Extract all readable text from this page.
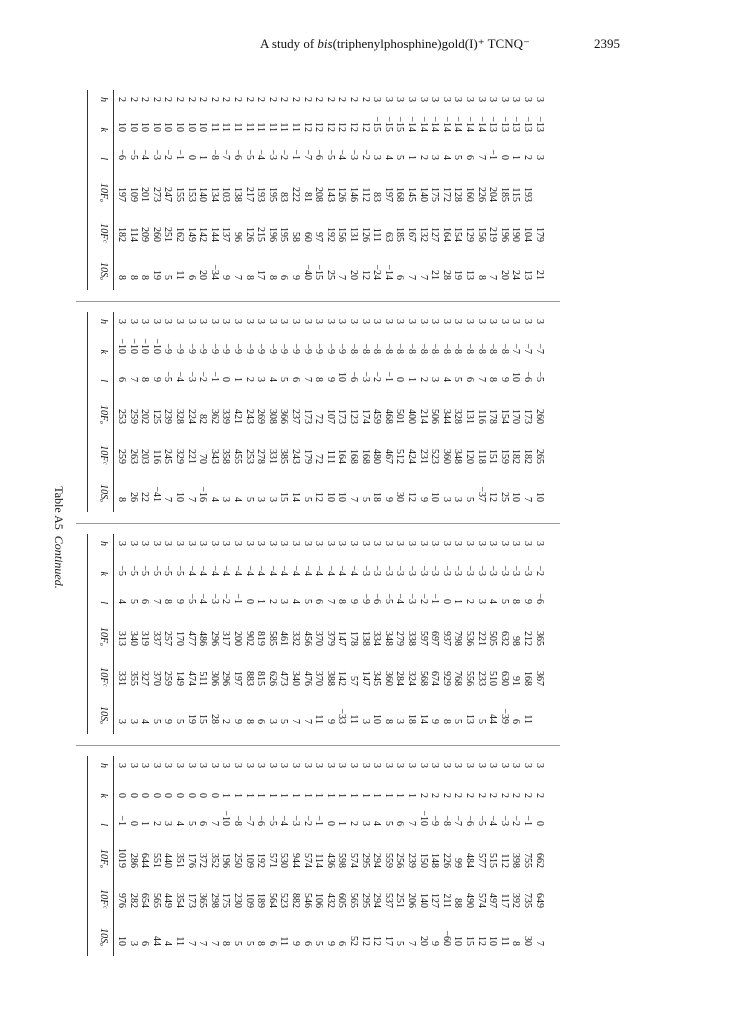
A study of bis(triphenylphosphine)gold(I)⁺ TCNQ⁻	2395
Table A5  Continued.
h
k
l
10Fₒ
10Fᶜ
10Sₒ
2
10
−6
197
182
8
2
10
−5
109
114
8
2
10
−4
201
209
8
2
10
−3
273
260
19
2
10
−2
247
251
5
2
10
−1
155
162
11
2
10
0
153
149
6
2
10
1
140
142
20
2
11
−8
134
144
−34
2
11
−7
103
137
9
2
11
−6
138
96
7
2
11
−5
217
126
8
2
11
−4
193
215
17
2
11
−3
195
196
8
2
11
−2
83
195
6
2
11
−1
222
58
9
2
12
−7
81
60
−40
2
12
−6
208
97
−15
2
12
−5
143
192
25
2
12
−4
126
156
7
2
12
−3
146
131
20
2
12
−2
112
126
12
3
−15
3
83
111
−24
3
−15
4
197
63
−14
3
−15
5
168
185
6
3
−14
1
145
167
7
3
−14
2
140
132
7
3
−14
3
175
127
21
3
−14
4
172
164
28
3
−14
5
128
154
19
3
−14
6
160
129
13
3
−14
7
226
156
8
3
−13
−1
204
219
7
3
−13
0
185
196
20
3
−13
1
115
190
24
3
−13
2
193
104
13
3
−13
3
179
21
h
k
l
10Fₒ
10Fᶜ
10Sₒ
3
−10
6
253
259
8
3
−10
7
259
263
26
3
−10
8
202
203
22
3
−10
9
125
116
−41
3
−9
−5
239
245
7
3
−9
−4
328
329
10
3
−9
−3
224
221
7
3
−9
−2
82
70
−16
3
−9
−1
362
343
4
3
−9
0
339
358
3
3
−9
1
421
455
4
3
−9
2
243
253
5
3
−9
3
269
278
3
3
−9
4
308
331
3
3
−9
5
366
385
15
3
−9
6
237
243
14
3
−9
7
173
179
5
3
−9
8
72
72
12
3
−9
9
107
111
10
3
−9
10
173
164
10
3
−8
−6
123
168
7
3
−8
−3
174
168
5
3
−8
−2
459
480
18
3
−8
−1
468
467
9
3
−8
0
501
512
30
3
−8
1
400
424
12
3
−8
2
214
231
9
3
−8
3
506
523
10
3
−8
4
344
360
3
3
−8
5
328
348
3
3
−8
6
131
120
5
3
−8
7
116
118
−37
3
−8
8
178
151
12
3
−8
9
154
159
25
3
−7
10
170
182
10
3
−7
−6
173
182
7
3
−7
−5
260
265
10
h
k
l
10Fₒ
10Fᶜ
10Sₒ
3
−5
4
313
331
3
3
−5
5
340
355
3
3
−5
6
319
327
4
3
−5
7
337
370
5
3
−5
8
257
259
9
3
−5
9
170
149
5
3
−4
−5
477
474
19
3
−4
−4
486
511
15
3
−4
−3
296
306
28
3
−4
−2
317
296
2
3
−4
−1
200
197
9
3
−4
0
902
883
8
3
−4
1
819
815
6
3
−4
2
585
626
3
3
−4
3
461
473
5
3
−4
4
332
340
7
3
−4
5
456
476
7
3
−4
6
370
370
11
3
−4
7
379
388
9
3
−4
8
147
142
−33
3
−4
9
178
57
11
3
−3
−9
138
147
3
3
−3
−6
334
345
10
3
−3
−5
348
360
8
3
−3
−4
279
284
3
3
−3
−3
338
324
18
3
−3
−2
597
568
14
3
−3
−1
697
674
9
3
−3
0
937
929
8
3
−3
1
798
768
5
3
−3
2
536
556
13
3
−3
3
221
233
5
3
−3
4
505
510
44
3
−3
5
632
630
−39
3
−3
8
98
91
6
3
−3
9
212
168
11
3
−2
−6
365
367
h
k
l
10Fₒ
10Fᶜ
10Sₒ
3
0
−1
1019
976
10
3
0
0
286
282
3
3
0
1
644
654
6
3
0
2
551
565
44
3
0
3
440
449
4
3
0
4
351
354
11
3
0
5
176
173
7
3
0
6
372
365
7
3
0
7
352
298
7
3
1
−10
196
175
8
3
1
−8
250
230
5
3
1
−7
109
109
5
3
1
−6
192
189
8
3
1
−5
571
564
6
3
1
−4
530
523
11
3
1
−3
944
882
9
3
1
−2
574
546
6
3
1
−1
114
106
5
3
1
0
436
432
9
3
1
1
598
605
6
3
1
2
574
565
52
3
1
3
295
295
12
3
1
4
294
294
12
3
1
5
559
537
17
3
1
6
256
251
5
3
1
7
239
206
7
3
2
−10
150
140
20
3
2
−9
148
127
9
3
2
−8
226
211
−60
3
2
−7
99
88
10
3
2
−6
484
490
15
3
2
−5
577
574
12
3
2
−4
515
497
10
3
2
−3
112
117
11
3
2
−2
398
392
8
3
2
−1
755
735
30
3
2
0
662
649
7
